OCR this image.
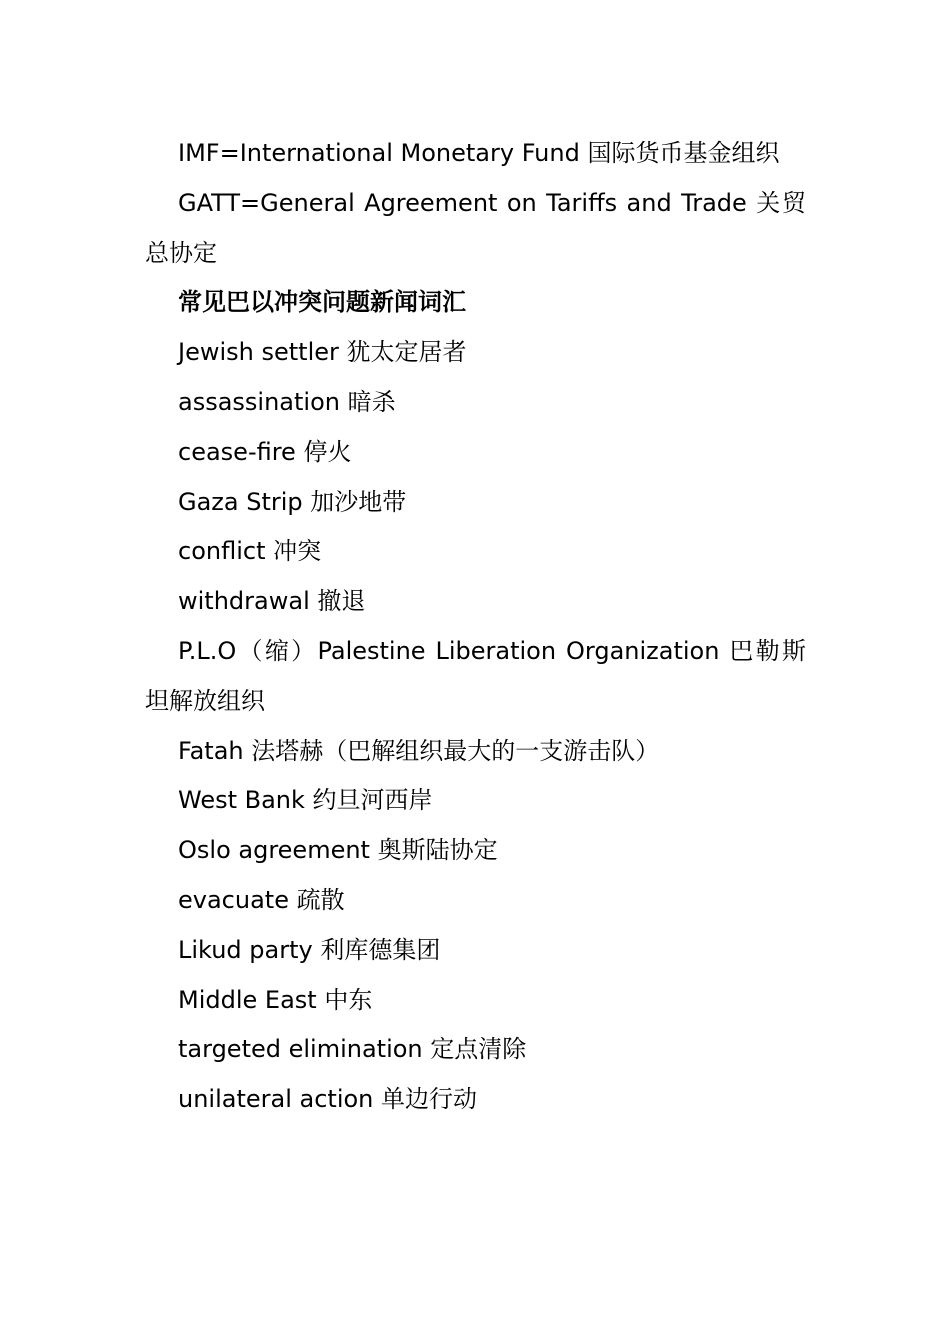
IMF=International Monetary Fund 国际货币基金组织

GATT=General Agreement on Tariffs and Trade 关贸总协定

常见巴以冲突问题新闻词汇

Jewish settler 犹太定居者

assassination 暗杀

cease-fire 停火

Gaza Strip 加沙地带

conflict 冲突

withdrawal 撤退

P.L.O（缩）Palestine Liberation Organization 巴勒斯坦解放组织

Fatah 法塔赫（巴解组织最大的一支游击队）

West Bank 约旦河西岸

Oslo agreement 奥斯陆协定

evacuate 疏散

Likud party 利库德集团

Middle East 中东

targeted elimination 定点清除

unilateral action 单边行动
